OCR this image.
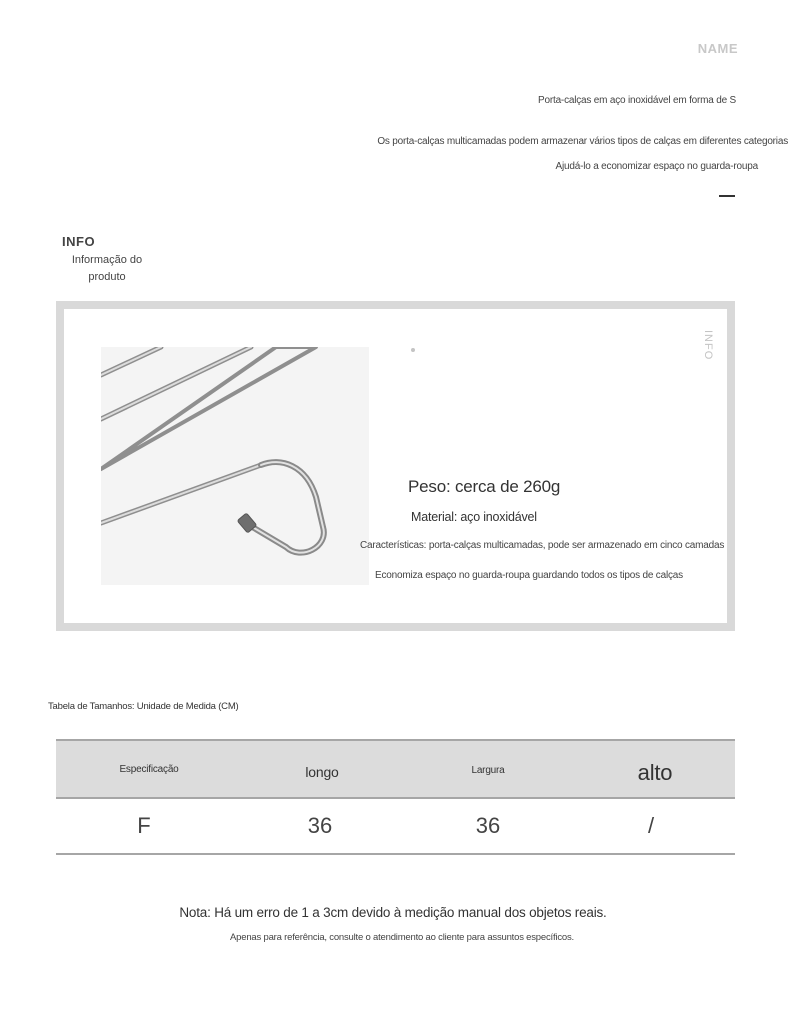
NAME
Porta-calças em aço inoxidável em forma de S
Os porta-calças multicamadas podem armazenar vários tipos de calças em diferentes categorias
Ajudá-lo a economizar espaço no guarda-roupa
INFO
Informação do produto
INFO
Peso: cerca de 260g
Material: aço inoxidável
Características: porta-calças multicamadas, pode ser armazenado em cinco camadas
Economiza espaço no guarda-roupa guardando todos os tipos de calças
Tabela de Tamanhos: Unidade de Medida (CM)
Especificação	longo	Largura	alto
F	36	36	/
Nota: Há um erro de 1 a 3cm devido à medição manual dos objetos reais.
Apenas para referência, consulte o atendimento ao cliente para assuntos específicos.
